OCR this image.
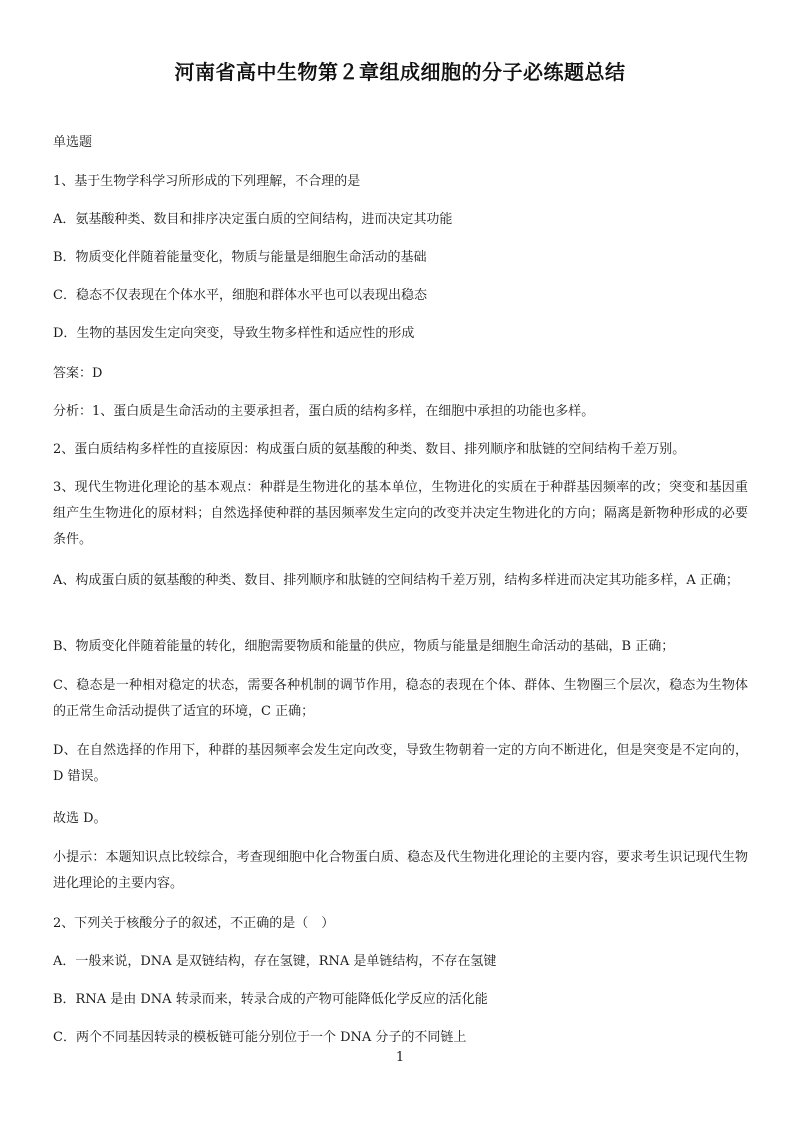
河南省高中生物第２章组成细胞的分子必练题总结
单选题
1、基于生物学科学习所形成的下列理解，不合理的是
A．氨基酸种类、数目和排序决定蛋白质的空间结构，进而决定其功能
B．物质变化伴随着能量变化，物质与能量是细胞生命活动的基础
C．稳态不仅表现在个体水平，细胞和群体水平也可以表现出稳态
D．生物的基因发生定向突变，导致生物多样性和适应性的形成
答案：D
分析：1、蛋白质是生命活动的主要承担者，蛋白质的结构多样，在细胞中承担的功能也多样。
2、蛋白质结构多样性的直接原因：构成蛋白质的氨基酸的种类、数目、排列顺序和肽链的空间结构千差万别。
3、现代生物进化理论的基本观点：种群是生物进化的基本单位，生物进化的实质在于种群基因频率的改；突变和基因重组产生生物进化的原材料；自然选择使种群的基因频率发生定向的改变并决定生物进化的方向；隔离是新物种形成的必要条件。
A、构成蛋白质的氨基酸的种类、数目、排列顺序和肽链的空间结构千差万别，结构多样进而决定其功能多样，A 正确；
B、物质变化伴随着能量的转化，细胞需要物质和能量的供应，物质与能量是细胞生命活动的基础，B 正确；
C、稳态是一种相对稳定的状态，需要各种机制的调节作用，稳态的表现在个体、群体、生物圈三个层次，稳态为生物体的正常生命活动提供了适宜的环境，C 正确；
D、在自然选择的作用下，种群的基因频率会发生定向改变，导致生物朝着一定的方向不断进化，但是突变是不定向的，D 错误。
故选 D。
小提示：本题知识点比较综合，考查现细胞中化合物蛋白质、稳态及代生物进化理论的主要内容，要求考生识记现代生物进化理论的主要内容。
2、下列关于核酸分子的叙述，不正确的是（　）
A．一般来说，DNA 是双链结构，存在氢键，RNA 是单链结构，不存在氢键
B．RNA 是由 DNA 转录而来，转录合成的产物可能降低化学反应的活化能
C．两个不同基因转录的模板链可能分别位于一个 DNA 分子的不同链上
1
